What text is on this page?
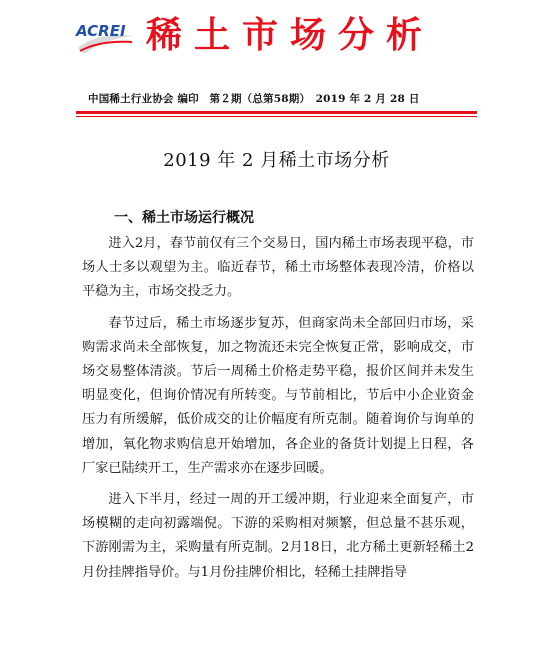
ACREI 稀土市场分析
中国稀土行业协会 编印　第２期（总第58期）　2019 年 2 月 28 日
2019 年 2 月稀土市场分析
一、稀土市场运行概况

进入2月，春节前仅有三个交易日，国内稀土市场表现平稳，市场人士多以观望为主。临近春节，稀土市场整体表现冷清，价格以平稳为主，市场交投乏力。

春节过后，稀土市场逐步复苏，但商家尚未全部回归市场，采购需求尚未全部恢复，加之物流还未完全恢复正常，影响成交，市场交易整体清淡。节后一周稀土价格走势平稳，报价区间并未发生明显变化，但询价情况有所转变。与节前相比，节后中小企业资金压力有所缓解，低价成交的让价幅度有所克制。随着询价与询单的增加，氧化物求购信息开始增加，各企业的备货计划提上日程，各厂家已陆续开工，生产需求亦在逐步回暖。

进入下半月，经过一周的开工缓冲期，行业迎来全面复产，市场模糊的走向初露端倪。下游的采购相对频繁，但总量不甚乐观，下游刚需为主，采购量有所克制。2月18日，北方稀土更新轻稀土2月份挂牌指导价。与1月份挂牌价相比，轻稀土挂牌指导
